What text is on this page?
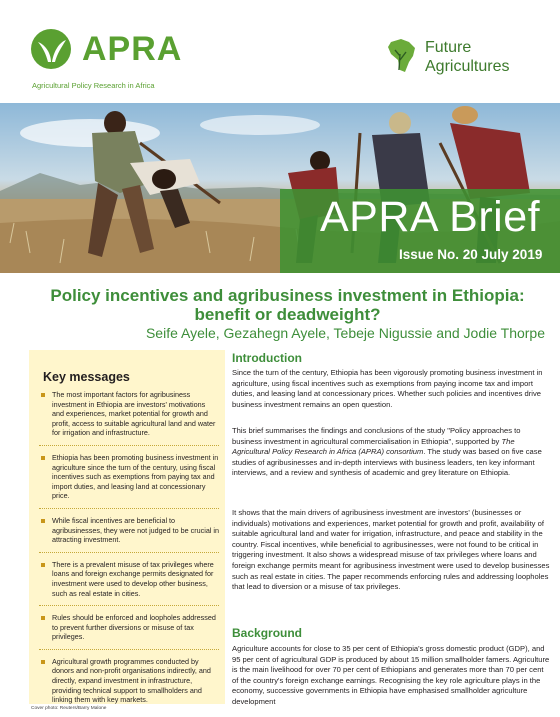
APRA
Agricultural Policy Research in Africa
Future
Agricultures
APRA Brief
Issue No. 20 July 2019
Policy incentives and agribusiness investment in Ethiopia: benefit or deadweight?
Seife Ayele, Gezahegn Ayele, Tebeje Nigussie and Jodie Thorpe
Key messages
The most important factors for agribusiness investment in Ethiopia are investors' motivations and experiences, market potential for growth and profit, access to suitable agricultural land and water for irrigation and infrastructure.
Ethiopia has been promoting business investment in agriculture since the turn of the century, using fiscal incentives such as exemptions from paying tax and import duties, and leasing land at concessionary price.
While fiscal incentives are beneficial to agribusinesses, they were not judged to be crucial in attracting investment.
There is a prevalent misuse of tax privileges where loans and foreign exchange permits designated for investment were used to develop other business, such as real estate in cities.
Rules should be enforced and loopholes addressed to prevent further diversions or misuse of tax privileges.
Agricultural growth programmes conducted by donors and non-profit organisations indirectly, and directly, expand investment in infrastructure, providing technical support to smallholders and linking them with key markets.
Cover photo: Reuters/Barry Malone
Introduction

Since the turn of the century, Ethiopia has been vigorously promoting business investment in agriculture, using fiscal incentives such as exemptions from paying income tax and import duties, and leasing land at concessionary prices. Whether such policies and incentives drive business investment remains an open question.

This brief summarises the findings and conclusions of the study "Policy approaches to business investment in agricultural commercialisation in Ethiopia", supported by The Agricultural Policy Research in Africa (APRA) consortium. The study was based on five case studies of agribusinesses and in-depth interviews with business leaders, ten key informant interviews, and a review and synthesis of academic and grey literature on Ethiopia.

It shows that the main drivers of agribusiness investment are investors' (businesses or individuals) motivations and experiences, market potential for growth and profit, availability of suitable agricultural land and water for irrigation, infrastructure, and peace and stability in the country. Fiscal incentives, while beneficial to agribusinesses, were not found to be critical in triggering investment. It also shows a widespread misuse of tax privileges where loans and foreign exchange permits meant for agribusiness investment were used to develop businesses such as real estate in cities. The paper recommends enforcing rules and addressing loopholes that lead to diversion or a misuse of tax privileges.

Background

Agriculture accounts for close to 35 per cent of Ethiopia's gross domestic product (GDP), and 95 per cent of agricultural GDP is produced by about 15 million smallholder famers. Agriculture is the main livelihood for over 70 per cent of Ethiopians and generates more than 70 per cent of the country's foreign exchange earnings. Recognising the key role agriculture plays in the economy, successive governments in Ethiopia have emphasised smallholder agriculture development
